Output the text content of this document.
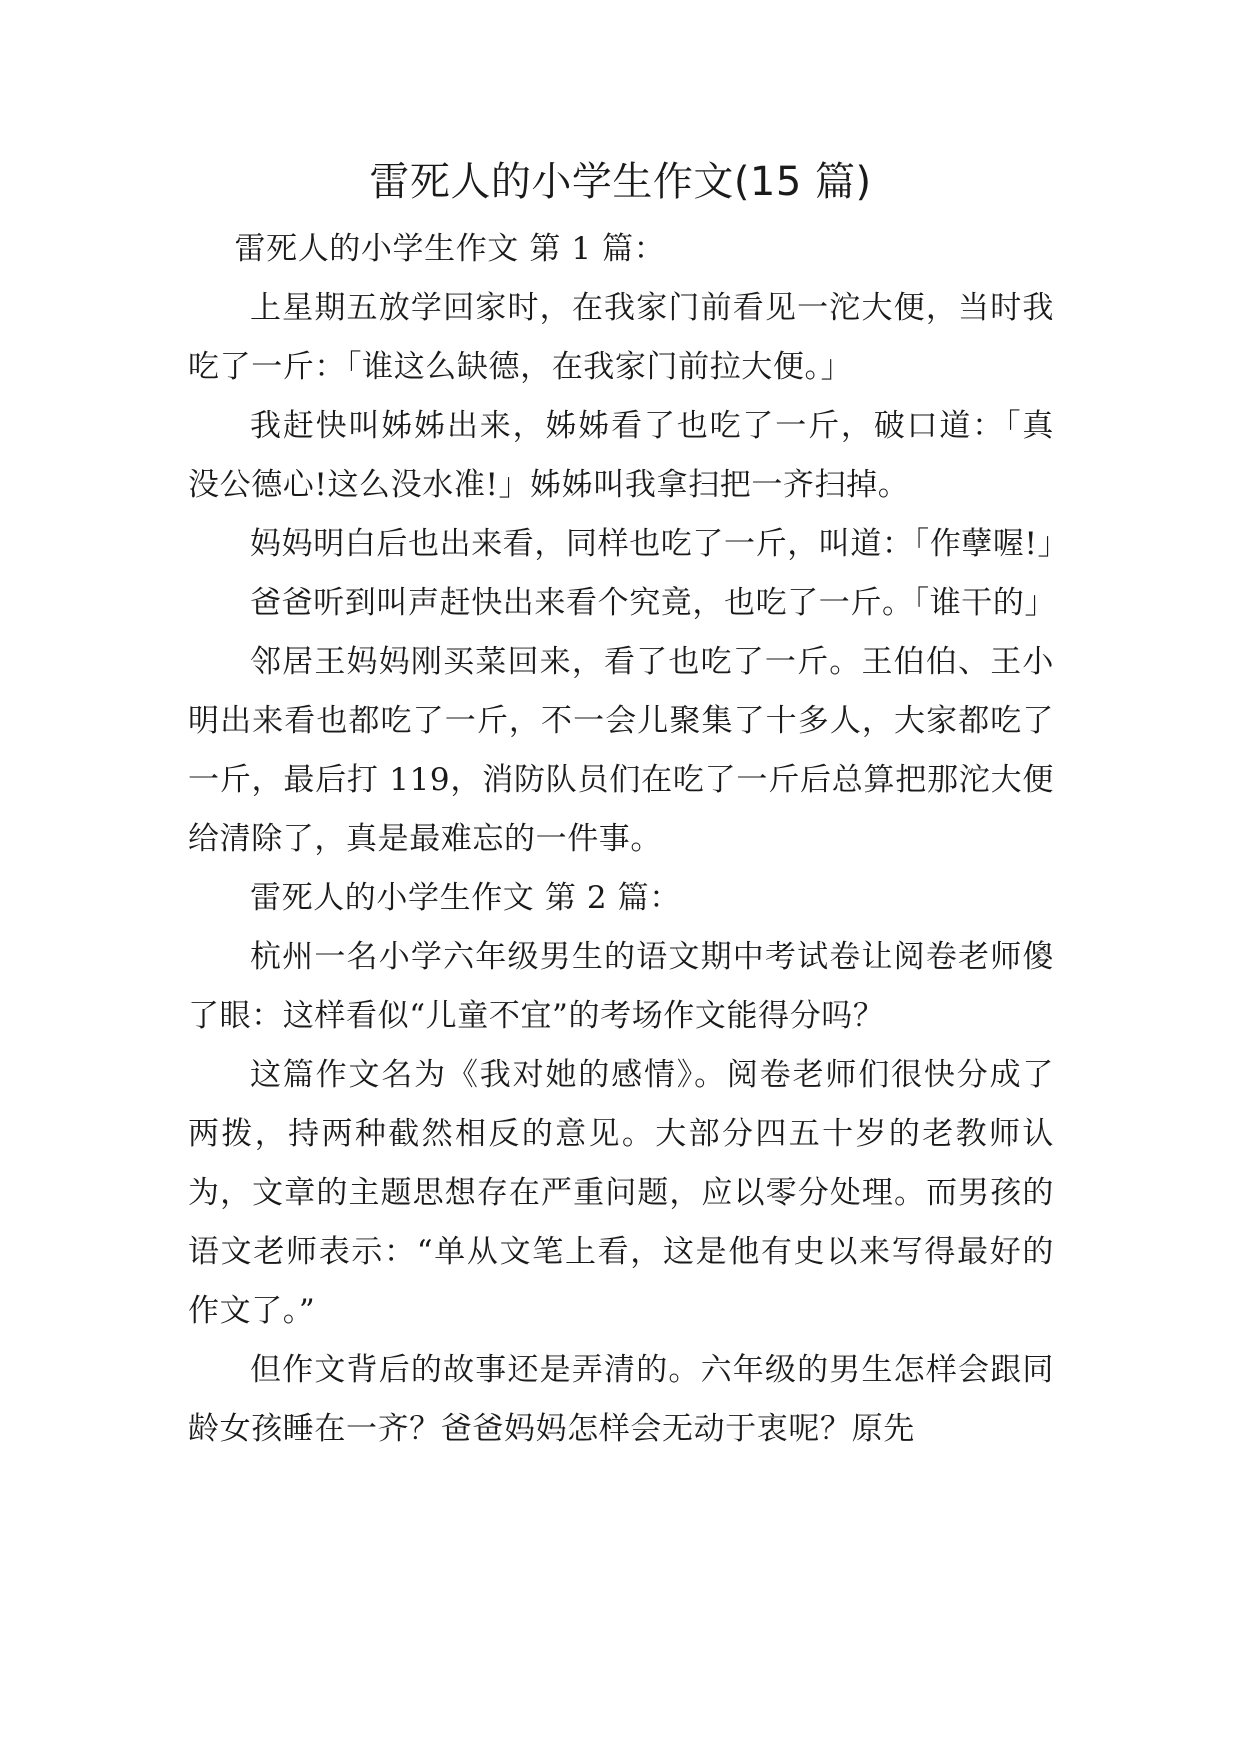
雷死人的小学生作文(15 篇)

雷死人的小学生作文 第 1 篇：

上星期五放学回家时，在我家门前看见一沱大便，当时我吃了一斤：「谁这么缺德，在我家门前拉大便。」

我赶快叫姊姊出来，姊姊看了也吃了一斤，破口道：「真没公德心!这么没水准!」姊姊叫我拿扫把一齐扫掉。

妈妈明白后也出来看，同样也吃了一斤，叫道：「作孽喔!」

爸爸听到叫声赶快出来看个究竟，也吃了一斤。「谁干的」

邻居王妈妈刚买菜回来，看了也吃了一斤。王伯伯、王小明出来看也都吃了一斤，不一会儿聚集了十多人，大家都吃了一斤，最后打 119，消防队员们在吃了一斤后总算把那沱大便给清除了，真是最难忘的一件事。

雷死人的小学生作文 第 2 篇：

杭州一名小学六年级男生的语文期中考试卷让阅卷老师傻了眼：这样看似“儿童不宜”的考场作文能得分吗？

这篇作文名为《我对她的感情》。阅卷老师们很快分成了两拨，持两种截然相反的意见。大部分四五十岁的老教师认为，文章的主题思想存在严重问题，应以零分处理。而男孩的语文老师表示：“单从文笔上看，这是他有史以来写得最好的作文了。”

但作文背后的故事还是弄清的。六年级的男生怎样会跟同龄女孩睡在一齐？爸爸妈妈怎样会无动于衷呢？原先
